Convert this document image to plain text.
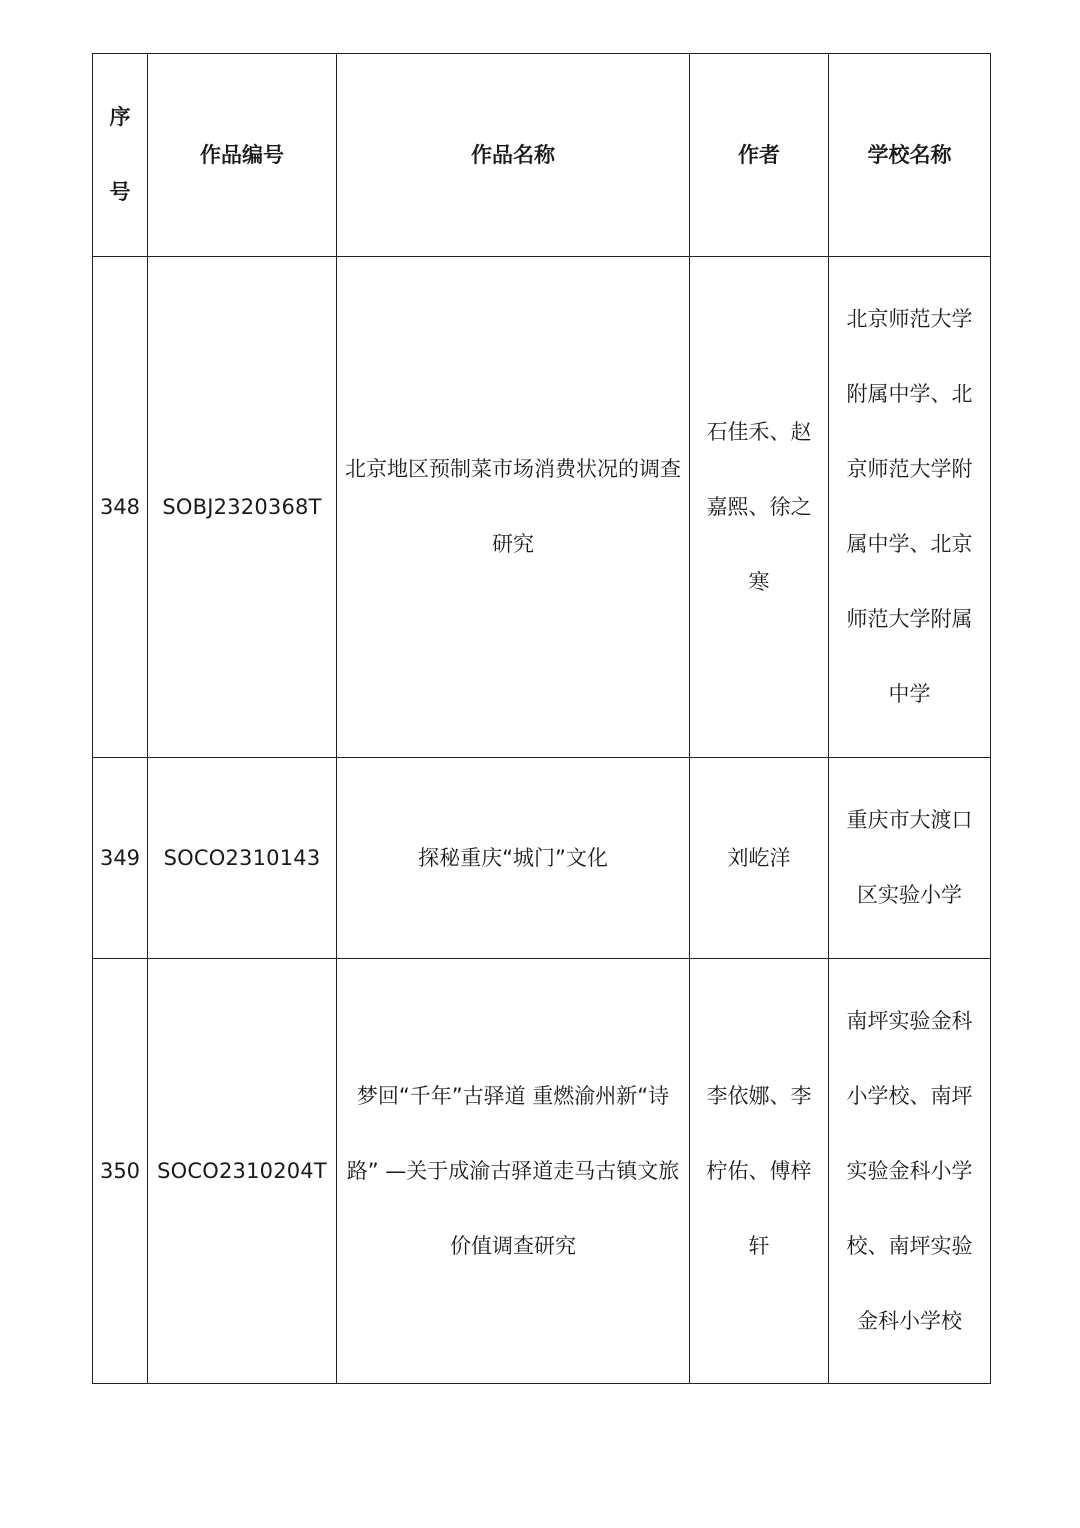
序
号	作品编号	作品名称	作者	学校名称

348	SOBJ2320368T	北京地区预制菜市场消费状况的调查研究	石佳禾、赵嘉熙、徐之寒	北京师范大学附属中学、北京师范大学附属中学、北京师范大学附属中学

349	SOCO2310143	探秘重庆“城门”文化	刘屹洋	重庆市大渡口区实验小学

350	SOCO2310204T	梦回“千年”古驿道 重燃渝州新“诗路” —关于成渝古驿道走马古镇文旅价值调查研究	李依娜、李柠佑、傅梓轩	南坪实验金科小学校、南坪实验金科小学校、南坪实验金科小学校
